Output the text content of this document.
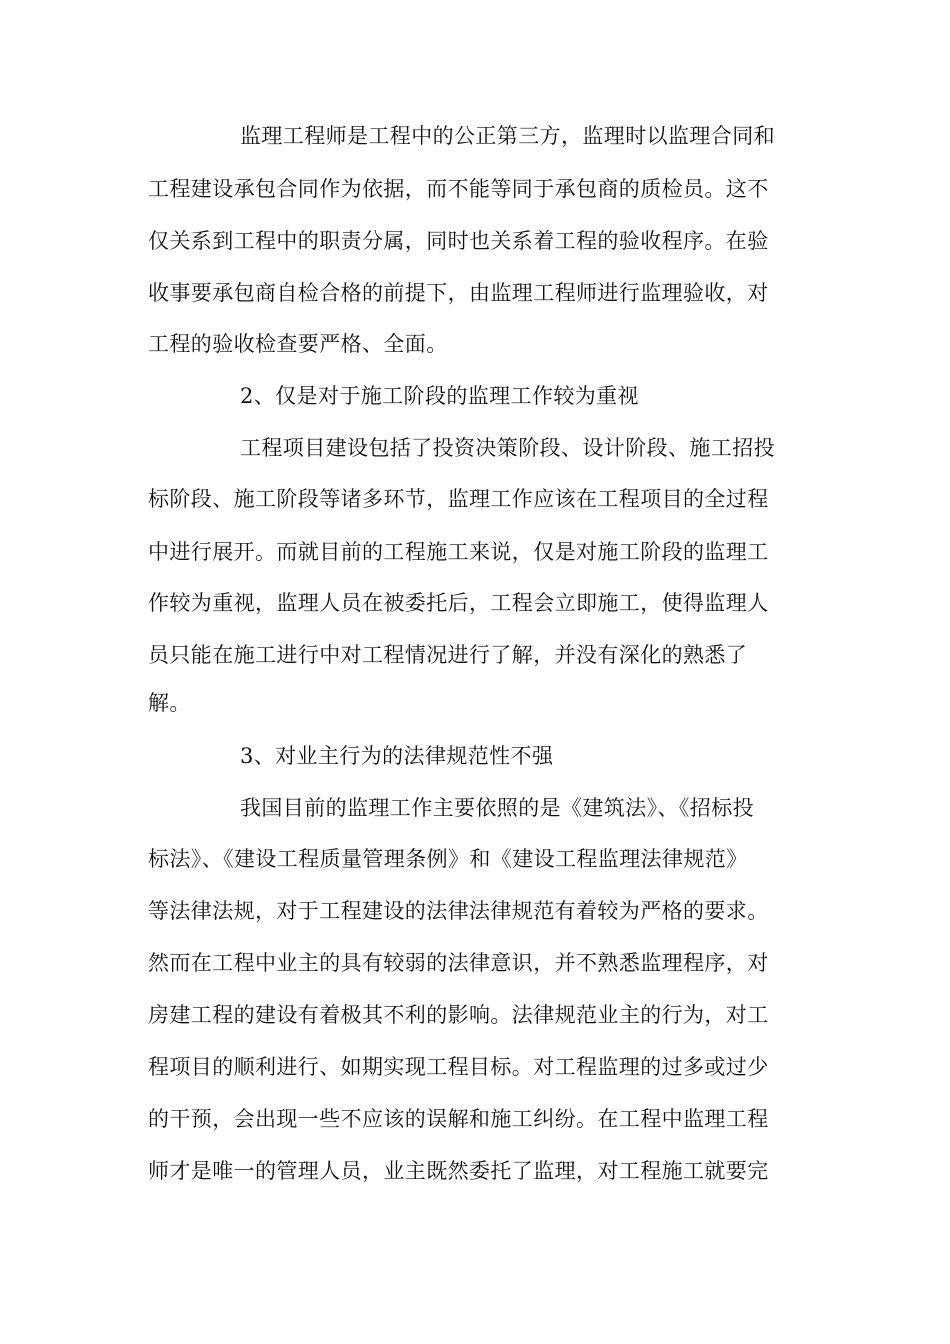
监理工程师是工程中的公正第三方，监理时以监理合同和
工程建设承包合同作为依据，而不能等同于承包商的质检员。这不
仅关系到工程中的职责分属，同时也关系着工程的验收程序。在验
收事要承包商自检合格的前提下，由监理工程师进行监理验收，对
工程的验收检查要严格、全面。
2、仅是对于施工阶段的监理工作较为重视
工程项目建设包括了投资决策阶段、设计阶段、施工招投
标阶段、施工阶段等诸多环节，监理工作应该在工程项目的全过程
中进行展开。而就目前的工程施工来说，仅是对施工阶段的监理工
作较为重视，监理人员在被委托后，工程会立即施工，使得监理人
员只能在施工进行中对工程情况进行了解，并没有深化的熟悉了
解。
3、对业主行为的法律规范性不强
我国目前的监理工作主要依照的是《建筑法》、《招标投
标法》、《建设工程质量管理条例》和《建设工程监理法律规范》
等法律法规，对于工程建设的法律法律规范有着较为严格的要求。
然而在工程中业主的具有较弱的法律意识，并不熟悉监理程序，对
房建工程的建设有着极其不利的影响。法律规范业主的行为，对工
程项目的顺利进行、如期实现工程目标。对工程监理的过多或过少
的干预，会出现一些不应该的误解和施工纠纷。在工程中监理工程
师才是唯一的管理人员，业主既然委托了监理，对工程施工就要完
